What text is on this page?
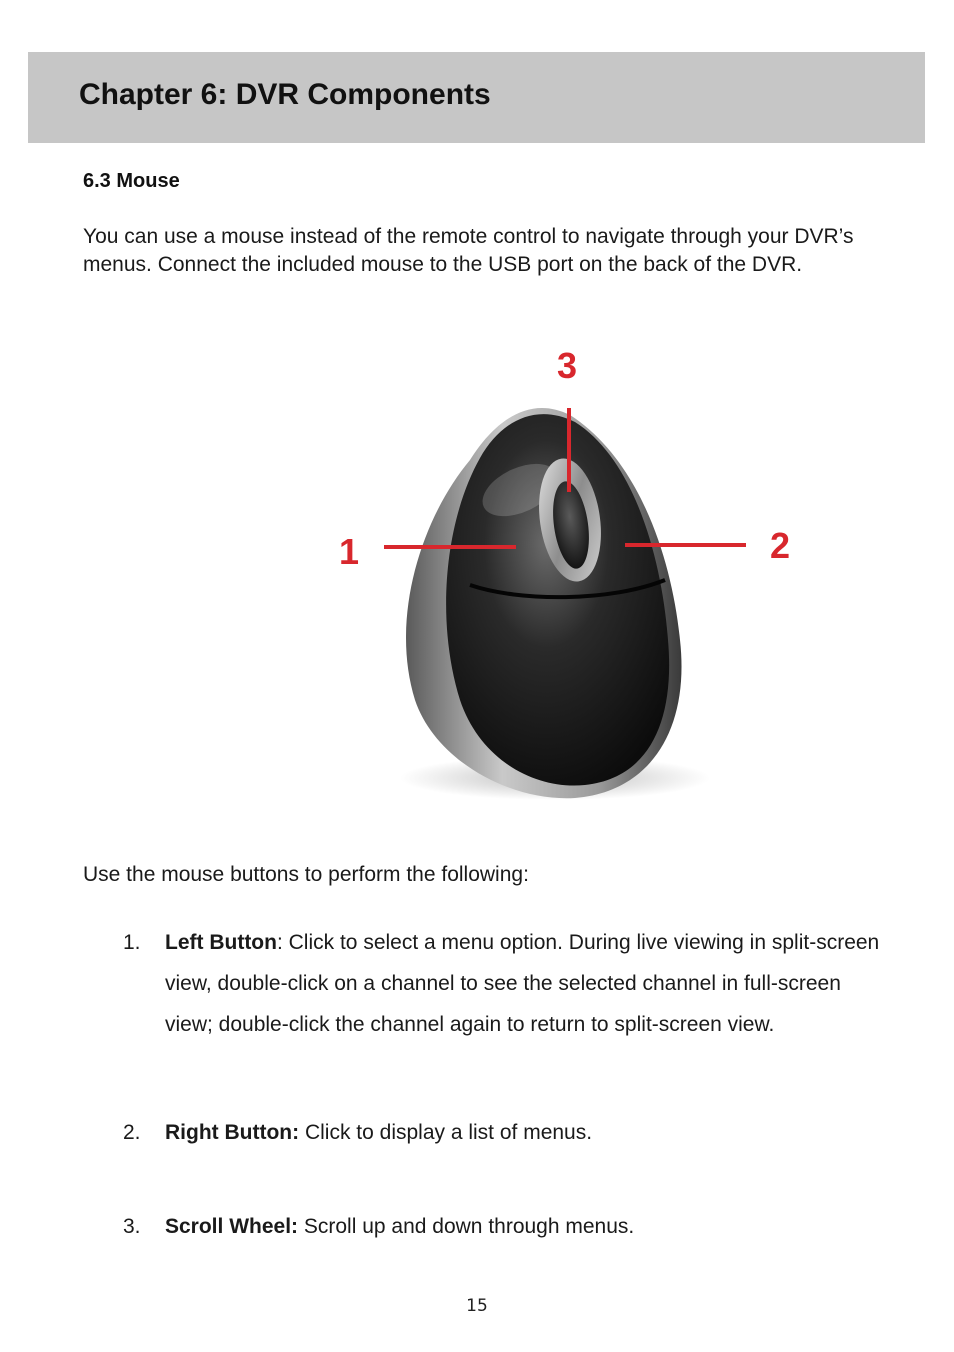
Chapter 6: DVR Components
6.3 Mouse

You can use a mouse instead of the remote control to navigate through your DVR’s menus. Connect the included mouse to the USB port on the back of the DVR.

3
1	2

Use the mouse buttons to perform the following:

1. Left Button: Click to select a menu option. During live viewing in split-screen view, double-click on a channel to see the selected channel in full-screen view; double-click the channel again to return to split-screen view.
2. Right Button: Click to display a list of menus.
3. Scroll Wheel: Scroll up and down through menus.
15
